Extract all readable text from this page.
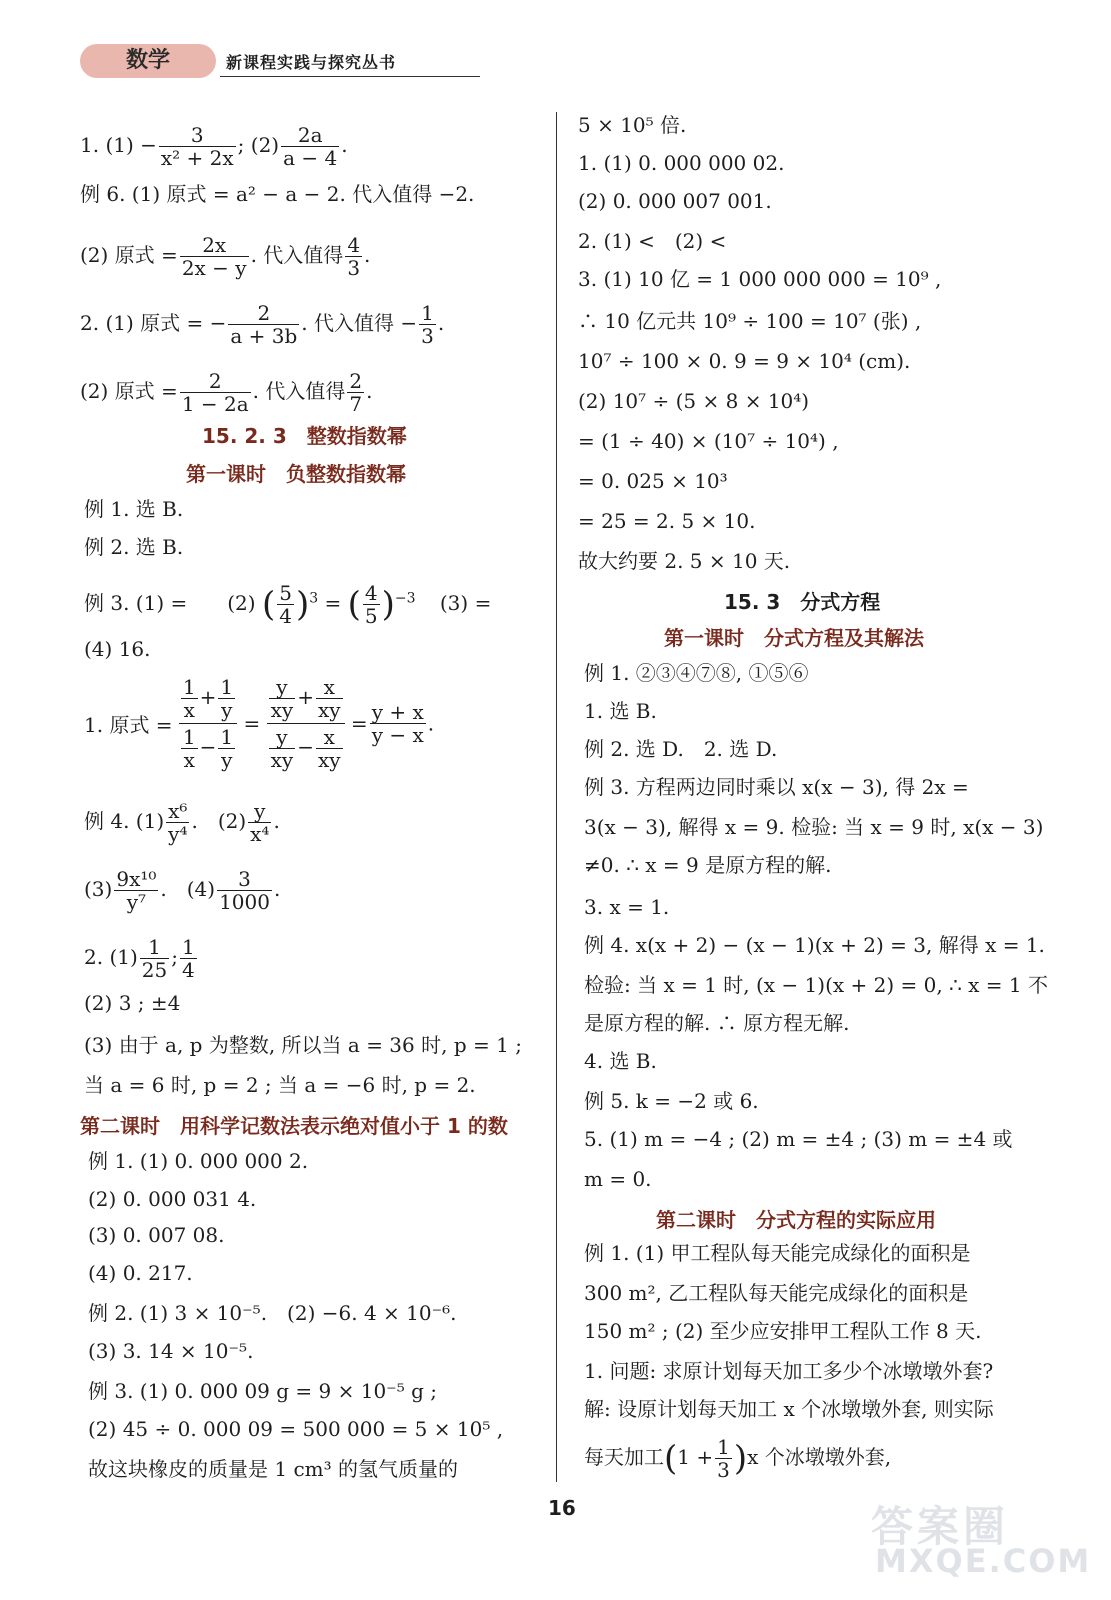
数学	新课程实践与探究丛书
1. $(1) - \frac{3}{\text{x² + 2x}}$ ; $(2) \frac{2a}{a - 4}$ .
例 6. (1) 原式 = a² − a − 2. 代入值得 −2.
(2) 原式 = $\frac{2x}{2x - y}$ . 代入值得 $\frac{4}{3}$ .
2. (1) 原式 = − $\frac{2}{a + 3b}$ . 代入值得 − $\frac{1}{3}$ .
(2) 原式 = $\frac{2}{1 - 2a}$ . 代入值得 $\frac{2}{7}$ .
15. 2. 3　整数指数幂
第一课时　负整数指数幂
例 1. 选 B.
例 2. 选 B.
例 3. (1) =　　(2) ( $\frac{5}{4} )^3$ = ( $\frac{4}{5} )^{-3}$ (3) =
(4) 16.
1. 原式 = $\frac{\frac{1}{x} + \frac{1}{y}}{\frac{1}{x} - \frac{1}{y}}$ =
$\frac{y}{xy} + \frac{x}{xy}$
$\frac{y}{xy} - \frac{x}{xy}$
= $\frac{y + x}{y - x}$ .
例 4. $(1) \frac{\text{x⁶}}{\text{y⁴}}$ .　$(2) \frac{y}{\text{x⁴}}$ .
$(3) \frac{\text{9x¹⁰}}{\text{y⁷}}$ .　$(4) \frac{3}{1000}$ .
2. $(1) \frac{1}{25}$ ; $\frac{1}{4}$
(2) 3 ; ±4
(3) 由于 a, p 为整数, 所以当 a = 36 时, p = 1 ;
当 a = 6 时, p = 2 ; 当 a = −6 时, p = 2.
第二课时　用科学记数法表示绝对值小于 1 的数
例 1. (1) 0. 000 000 2.
(2) 0. 000 031 4.
(3) 0. 007 08.
(4) 0. 217.
例 2. (1) 3 × 10⁻⁵.　(2) −6. 4 × 10⁻⁶.
(3) 3. 14 × 10⁻⁵.
例 3. (1) 0. 000 09 g = 9 × 10⁻⁵ g ;
(2) 45 ÷ 0. 000 09 = 500 000 = 5 × 10⁵ ,
故这块橡皮的质量是 1 cm³ 的氢气质量的
5 × 10⁵ 倍.
1. (1) 0. 000 000 02.
(2) 0. 000 007 001.
2. (1) <　(2) <
3. (1) 10 亿 = 1 000 000 000 = 10⁹ ,
∴ 10 亿元共 10⁹ ÷ 100 = 10⁷ (张) ,
10⁷ ÷ 100 × 0. 9 = 9 × 10⁴ (cm).
(2) 10⁷ ÷ (5 × 8 × 10⁴)
= (1 ÷ 40) × (10⁷ ÷ 10⁴) ,
= 0. 025 × 10³
= 25 = 2. 5 × 10.
故大约要 2. 5 × 10 天.
15. 3　分式方程
第一课时　分式方程及其解法
例 1. ②③④⑦⑧, ①⑤⑥
1. 选 B.
例 2. 选 D.　2. 选 D.
例 3. 方程两边同时乘以 x(x − 3), 得 2x =
3(x − 3), 解得 x = 9. 检验: 当 x = 9 时, x(x − 3)
≠0. ∴ x = 9 是原方程的解.
3. x = 1.
例 4. x(x + 2) − (x − 1)(x + 2) = 3, 解得 x = 1.
检验: 当 x = 1 时, (x − 1)(x + 2) = 0, ∴ x = 1 不
是原方程的解. ∴ 原方程无解.
4. 选 B.
例 5. k = −2 或 6.
5. (1) m = −4 ; (2) m = ±4 ; (3) m = ±4 或
m = 0.
第二课时　分式方程的实际应用
例 1. (1) 甲工程队每天能完成绿化的面积是
300 m², 乙工程队每天能完成绿化的面积是
150 m² ; (2) 至少应安排甲工程队工作 8 天.
1. 问题: 求原计划每天加工多少个冰墩墩外套?
解: 设原计划每天加工 x 个冰墩墩外套, 则实际
每天加工$(1 + \frac{1}{3} )x$ 个冰墩墩外套,
16	答案圈
MXQE.COM
